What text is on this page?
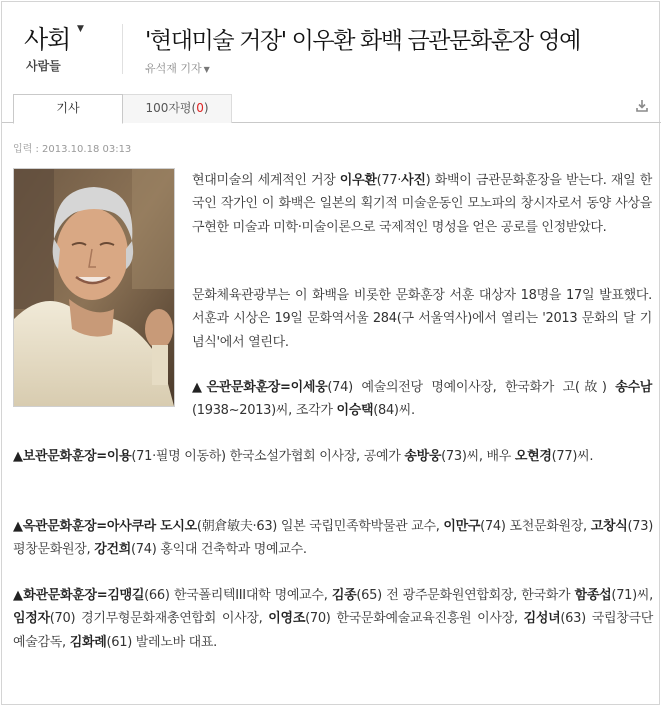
사회 ▼
사람들
'현대미술 거장' 이우환 화백 금관문화훈장 영예
유석재 기자 ▼
기사	100자평(0)
입력 : 2013.10.18 03:13

현대미술의 세계적인 거장 이우환(77·사진) 화백이 금관문화훈장을 받는다. 재일 한국인 작가인 이 화백은 일본의 획기적 미술운동인 모노파의 창시자로서 동양 사상을 구현한 미술과 미학·미술이론으로 국제적인 명성을 얻은 공로를 인정받았다.

문화체육관광부는 이 화백을 비롯한 문화훈장 서훈 대상자 18명을 17일 발표했다. 서훈과 시상은 19일 문화역서울 284(구 서울역사)에서 열리는 '2013 문화의 달 기념식'에서 열린다.

▲은관문화훈장=이세웅(74) 예술의전당 명예이사장, 한국화가 고(故) 송수남(1938~2013)씨, 조각가 이승택(84)씨.

▲보관문화훈장=이용(71·필명 이동하) 한국소설가협회 이사장, 공예가 송방웅(73)씨, 배우 오현경(77)씨.

▲옥관문화훈장=아사쿠라 도시오(朝倉敏夫·63) 일본 국립민족학박물관 교수, 이만구(74) 포천문화원장, 고창식(73) 평창문화원장, 강건희(74) 홍익대 건축학과 명예교수.

▲화관문화훈장=김맹길(66) 한국폴리텍III대학 명예교수, 김종(65) 전 광주문화원연합회장, 한국화가 함종섭(71)씨, 임정자(70) 경기무형문화재총연합회 이사장, 이영조(70) 한국문화예술교육진흥원 이사장, 김성녀(63) 국립창극단 예술감독, 김화례(61) 발레노바 대표.
